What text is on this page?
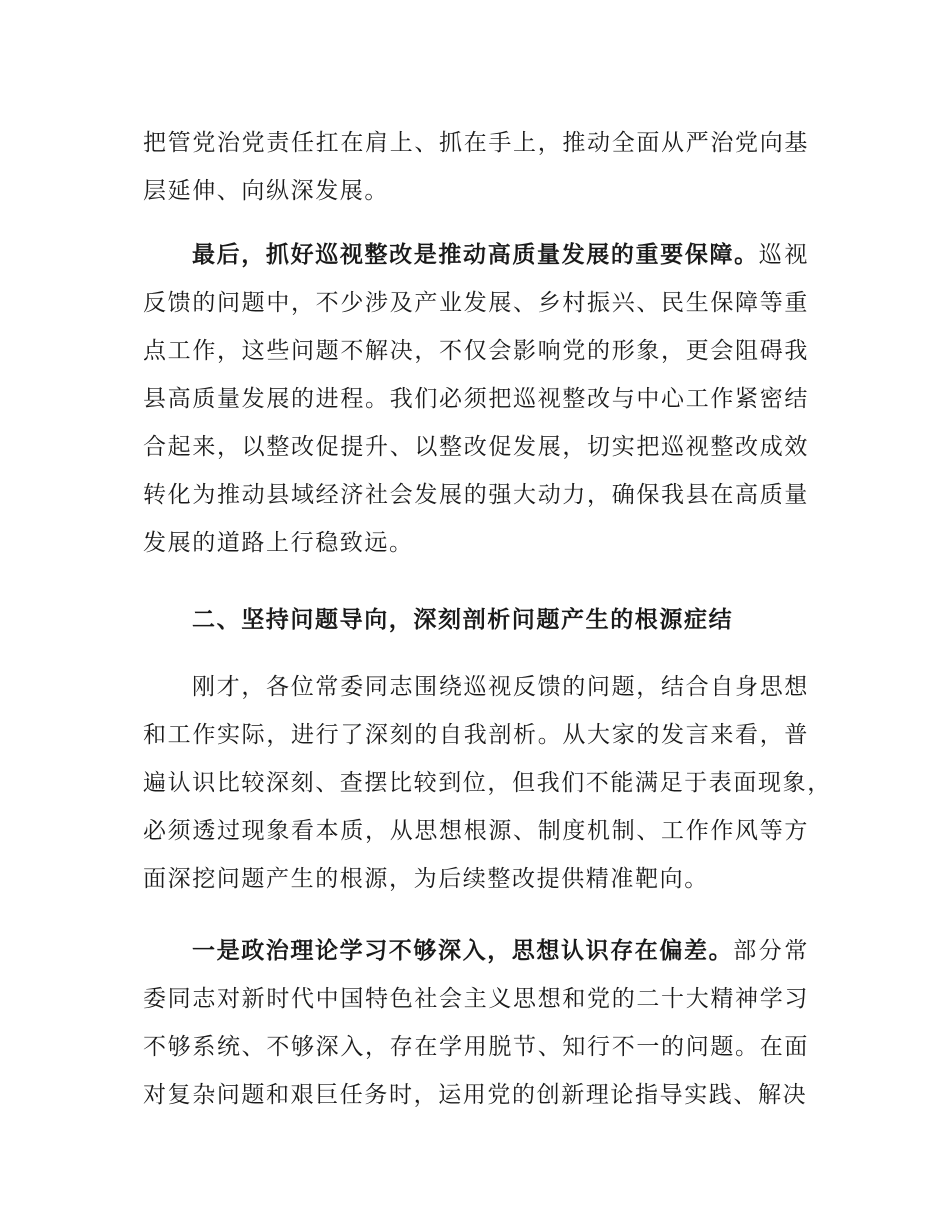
把管党治党责任扛在肩上、抓在手上，推动全面从严治党向基
层延伸、向纵深发展。
最后，抓好巡视整改是推动高质量发展的重要保障。巡视
反馈的问题中，不少涉及产业发展、乡村振兴、民生保障等重
点工作，这些问题不解决，不仅会影响党的形象，更会阻碍我
县高质量发展的进程。我们必须把巡视整改与中心工作紧密结
合起来，以整改促提升、以整改促发展，切实把巡视整改成效
转化为推动县域经济社会发展的强大动力，确保我县在高质量
发展的道路上行稳致远。
二、坚持问题导向，深刻剖析问题产生的根源症结
刚才，各位常委同志围绕巡视反馈的问题，结合自身思想
和工作实际，进行了深刻的自我剖析。从大家的发言来看，普
遍认识比较深刻、查摆比较到位，但我们不能满足于表面现象，
必须透过现象看本质，从思想根源、制度机制、工作作风等方
面深挖问题产生的根源，为后续整改提供精准靶向。
一是政治理论学习不够深入，思想认识存在偏差。部分常
委同志对新时代中国特色社会主义思想和党的二十大精神学习
不够系统、不够深入，存在学用脱节、知行不一的问题。在面
对复杂问题和艰巨任务时，运用党的创新理论指导实践、解决
